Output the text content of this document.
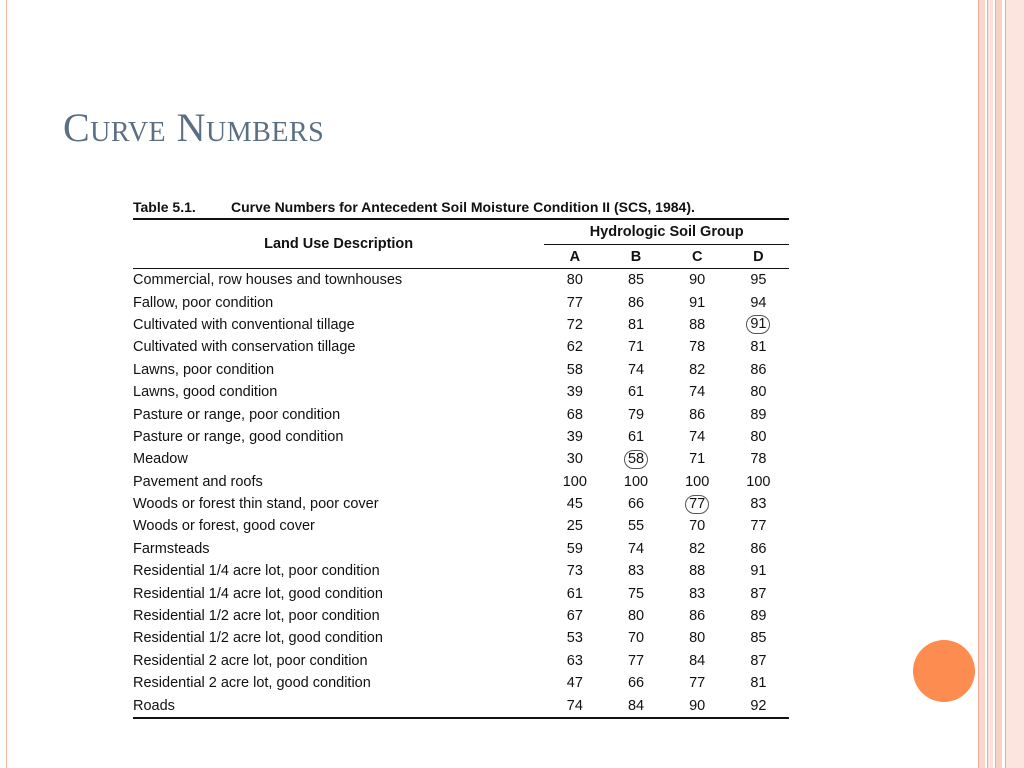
Curve Numbers
Table 5.1.	Curve Numbers for Antecedent Soil Moisture Condition II (SCS, 1984).
Land Use Description	Hydrologic Soil Group			
	A	B	C	D
Commercial, row houses and townhouses	80	85	90	95
Fallow, poor condition	77	86	91	94
Cultivated with conventional tillage	72	81	88	91
Cultivated with conservation tillage	62	71	78	81
Lawns, poor condition	58	74	82	86
Lawns, good condition	39	61	74	80
Pasture or range, poor condition	68	79	86	89
Pasture or range, good condition	39	61	74	80
Meadow	30	58	71	78
Pavement and roofs	100	100	100	100
Woods or forest thin stand, poor cover	45	66	77	83
Woods or forest, good cover	25	55	70	77
Farmsteads	59	74	82	86
Residential 1/4 acre lot, poor condition	73	83	88	91
Residential 1/4 acre lot, good condition	61	75	83	87
Residential 1/2 acre lot, poor condition	67	80	86	89
Residential 1/2 acre lot, good condition	53	70	80	85
Residential 2 acre lot, poor condition	63	77	84	87
Residential 2 acre lot, good condition	47	66	77	81
Roads	74	84	90	92
